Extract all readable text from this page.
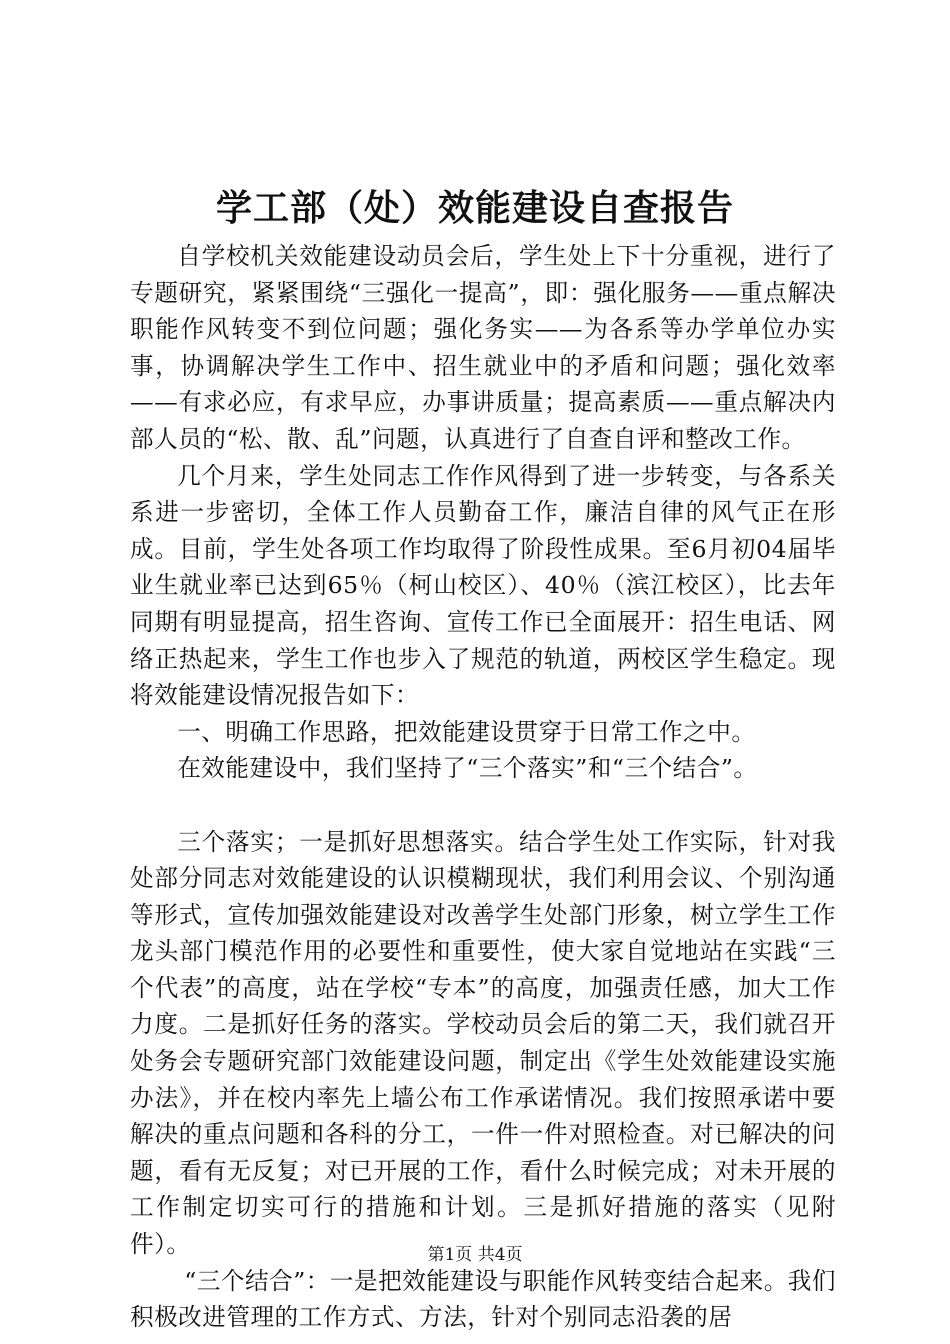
学工部（处）效能建设自查报告

自学校机关效能建设动员会后，学生处上下十分重视，进行了专题研究，紧紧围绕“三强化一提高”，即：强化服务——重点解决职能作风转变不到位问题；强化务实——为各系等办学单位办实事，协调解决学生工作中、招生就业中的矛盾和问题；强化效率——有求必应，有求早应，办事讲质量；提高素质——重点解决内部人员的“松、散、乱”问题，认真进行了自查自评和整改工作。

几个月来，学生处同志工作作风得到了进一步转变，与各系关系进一步密切，全体工作人员勤奋工作，廉洁自律的风气正在形成。目前，学生处各项工作均取得了阶段性成果。至6月初04届毕业生就业率已达到65％（柯山校区）、40％（滨江校区），比去年同期有明显提高，招生咨询、宣传工作已全面展开：招生电话、网络正热起来，学生工作也步入了规范的轨道，两校区学生稳定。现将效能建设情况报告如下：

一、明确工作思路，把效能建设贯穿于日常工作之中。

在效能建设中，我们坚持了“三个落实”和“三个结合”。

三个落实；一是抓好思想落实。结合学生处工作实际，针对我处部分同志对效能建设的认识模糊现状，我们利用会议、个别沟通等形式，宣传加强效能建设对改善学生处部门形象，树立学生工作龙头部门模范作用的必要性和重要性，使大家自觉地站在实践“三个代表”的高度，站在学校“专本”的高度，加强责任感，加大工作力度。二是抓好任务的落实。学校动员会后的第二天，我们就召开处务会专题研究部门效能建设问题，制定出《学生处效能建设实施办法》，并在校内率先上墙公布工作承诺情况。我们按照承诺中要解决的重点问题和各科的分工，一件一件对照检查。对已解决的问题，看有无反复；对已开展的工作，看什么时候完成；对未开展的工作制定切实可行的措施和计划。三是抓好措施的落实（见附件）。

“三个结合”：一是把效能建设与职能作风转变结合起来。我们积极改进管理的工作方式、方法，针对个别同志沿袭的居

第1页 共4页
